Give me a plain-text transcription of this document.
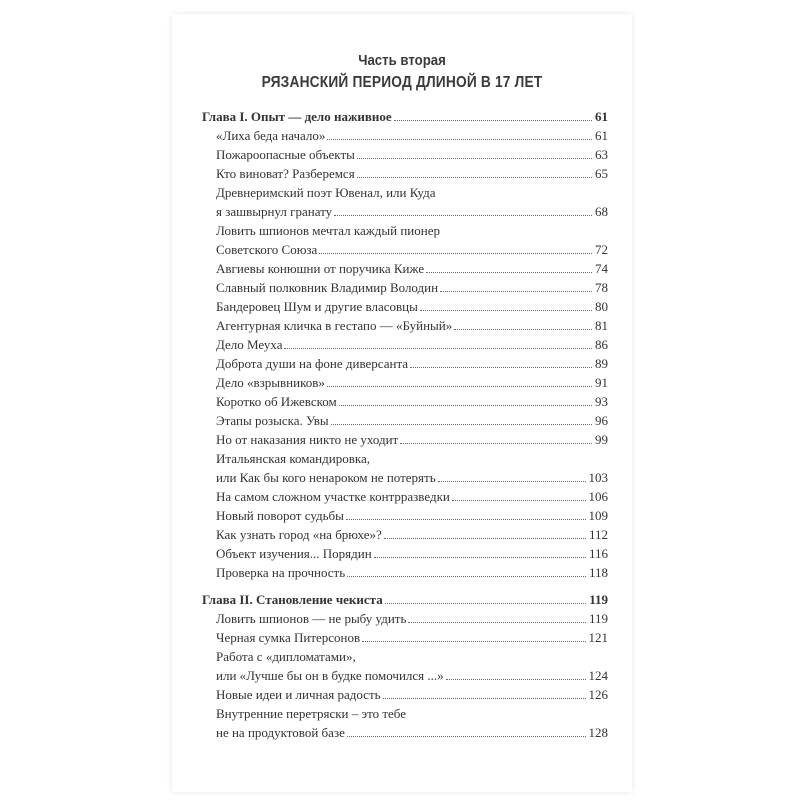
Часть вторая
РЯЗАНСКИЙ ПЕРИОД ДЛИНОЙ В 17 ЛЕТ
Глава I. Опыт — дело наживное	61
«Лиха беда начало»	61
Пожароопасные объекты	63
Кто виноват? Разберемся	65
Древнеримский поэт Ювенал, или Куда
я зашвырнул гранату	68
Ловить шпионов мечтал каждый пионер
Советского Союза	72
Авгиевы конюшни от поручика Киже	74
Славный полковник Владимир Володин	78
Бандеровец Шум и другие власовцы	80
Агентурная кличка в гестапо — «Буйный»	81
Дело Меуха	86
Доброта души на фоне диверсанта	89
Дело «взрывников»	91
Коротко об Ижевском	93
Этапы розыска. Увы	96
Но от наказания никто не уходит	99
Итальянская командировка,
или Как бы кого ненароком не потерять	103
На самом сложном участке контрразведки	106
Новый поворот судьбы	109
Как узнать город «на брюхе»?	112
Объект изучения... Порядин	116
Проверка на прочность	118
Глава II. Становление чекиста	119
Ловить шпионов — не рыбу удить	119
Черная сумка Питерсонов	121
Работа с «дипломатами»,
или «Лучше бы он в будке помочился ...»	124
Новые идеи и личная радость	126
Внутренние перетряски – это тебе
не на продуктовой базе	128
